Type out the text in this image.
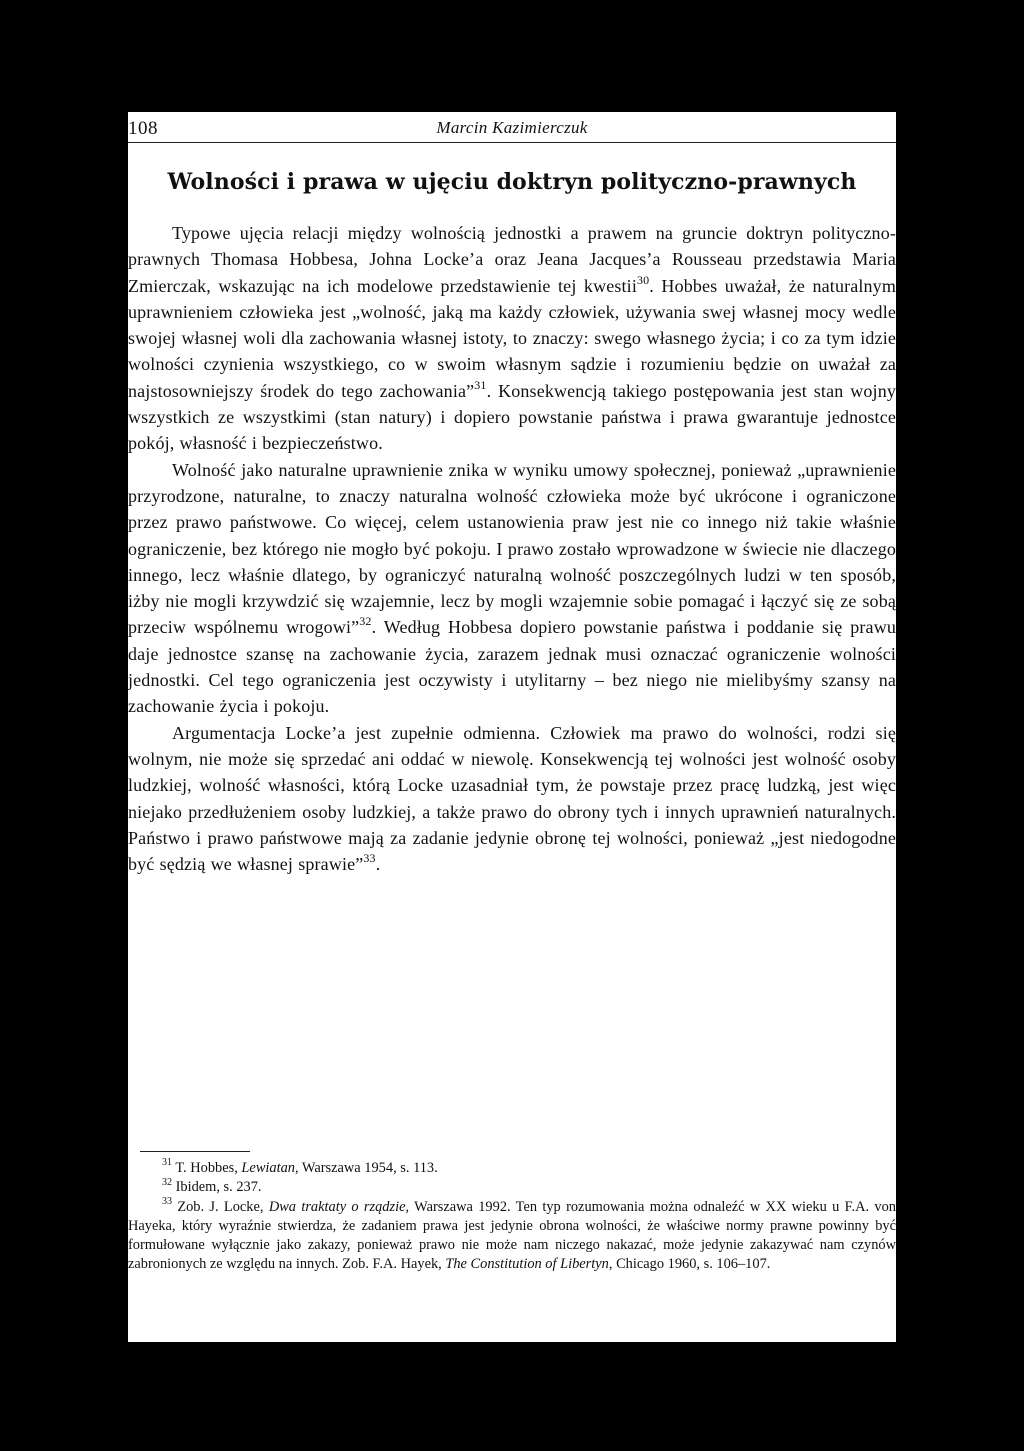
108	Marcin Kazimierczuk
Wolności i prawa w ujęciu doktryn polityczno-prawnych

Typowe ujęcia relacji między wolnością jednostki a prawem na gruncie doktryn polityczno-prawnych Thomasa Hobbesa, Johna Locke’a oraz Jeana Jacques’a Rousseau przedstawia Maria Zmierczak, wskazując na ich modelowe przedstawienie tej kwestii$^{30}$. Hobbes uważał, że naturalnym uprawnieniem człowieka jest „wolność, jaką ma każdy człowiek, używania swej własnej mocy wedle swojej własnej woli dla zachowania własnej istoty, to znaczy: swego własnego życia; i co za tym idzie wolności czynienia wszystkiego, co w swoim własnym sądzie i rozumieniu będzie on uważał za najstosowniejszy środek do tego zachowania”$^{31}$. Konsekwencją takiego postępowania jest stan wojny wszystkich ze wszystkimi (stan natury) i dopiero powstanie państwa i prawa gwarantuje jednostce pokój, własność i bezpieczeństwo.

Wolność jako naturalne uprawnienie znika w wyniku umowy społecznej, ponieważ „uprawnienie przyrodzone, naturalne, to znaczy naturalna wolność człowieka może być ukrócone i ograniczone przez prawo państwowe. Co więcej, celem ustanowienia praw jest nie co innego niż takie właśnie ograniczenie, bez którego nie mogło być pokoju. I prawo zostało wprowadzone w świecie nie dlaczego innego, lecz właśnie dlatego, by ograniczyć naturalną wolność poszczególnych ludzi w ten sposób, iżby nie mogli krzywdzić się wzajemnie, lecz by mogli wzajemnie sobie pomagać i łączyć się ze sobą przeciw wspólnemu wrogowi”$^{32}$. Według Hobbesa dopiero powstanie państwa i poddanie się prawu daje jednostce szansę na zachowanie życia, zarazem jednak musi oznaczać ograniczenie wolności jednostki. Cel tego ograniczenia jest oczywisty i utylitarny – bez niego nie mielibyśmy szansy na zachowanie życia i pokoju.

Argumentacja Locke’a jest zupełnie odmienna. Człowiek ma prawo do wolności, rodzi się wolnym, nie może się sprzedać ani oddać w niewolę. Konsekwencją tej wolności jest wolność osoby ludzkiej, wolność własności, którą Locke uzasadniał tym, że powstaje przez pracę ludzką, jest więc niejako przedłużeniem osoby ludzkiej, a także prawo do obrony tych i innych uprawnień naturalnych. Państwo i prawo państwowe mają za zadanie jedynie obronę tej wolności, ponieważ „jest niedogodne być sędzią we własnej sprawie”$^{33}$.

$^{31}$ T. Hobbes, Lewiatan, Warszawa 1954, s. 113.

$^{32}$ Ibidem, s. 237.

$^{33}$ Zob. J. Locke, Dwa traktaty o rządzie, Warszawa 1992. Ten typ rozumowania można odnaleźć w XX wieku u F.A. von Hayeka, który wyraźnie stwierdza, że zadaniem prawa jest jedynie obrona wolności, że właściwe normy prawne powinny być formułowane wyłącznie jako zakazy, ponieważ prawo nie może nam niczego nakazać, może jedynie zakazywać nam czynów zabronionych ze względu na innych. Zob. F.A. Hayek, The Constitution of Libertyn, Chicago 1960, s. 106–107.
